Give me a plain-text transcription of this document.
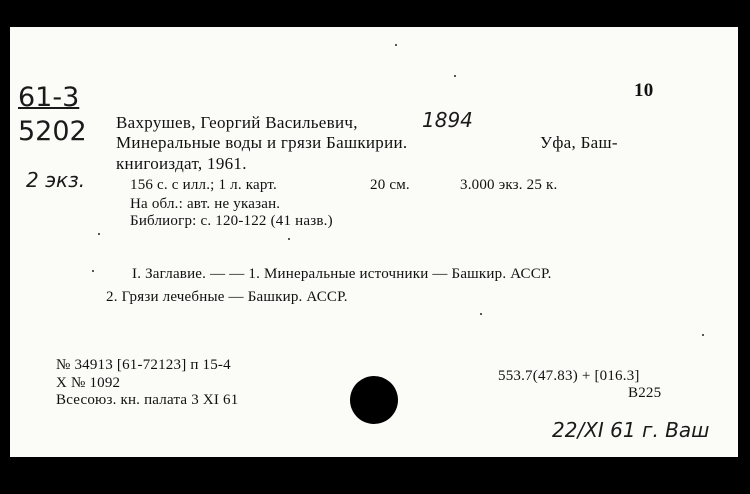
61-3
5202
2 экз.
10
Вахрушев, Георгий Васильевич,	1894
Минеральные воды и грязи Башкирии.	Уфа, Баш-
книгоиздат, 1961.
156 с. с илл.; 1 л. карт.	20 см.	3.000 экз. 25 к.
На обл.: авт. не указан.
Библиогр: с. 120-122 (41 назв.)
I. Заглавие. — — 1. Минеральные источники — Башкир. АССР.
2. Грязи лечебные — Башкир. АССР.
№ 34913 [61-72123] п 15-4
Х № 1092
Всесоюз. кн. палата 3 XI 61
553.7(47.83) + [016.3]
В225
22/XI 61 г. Ваш
